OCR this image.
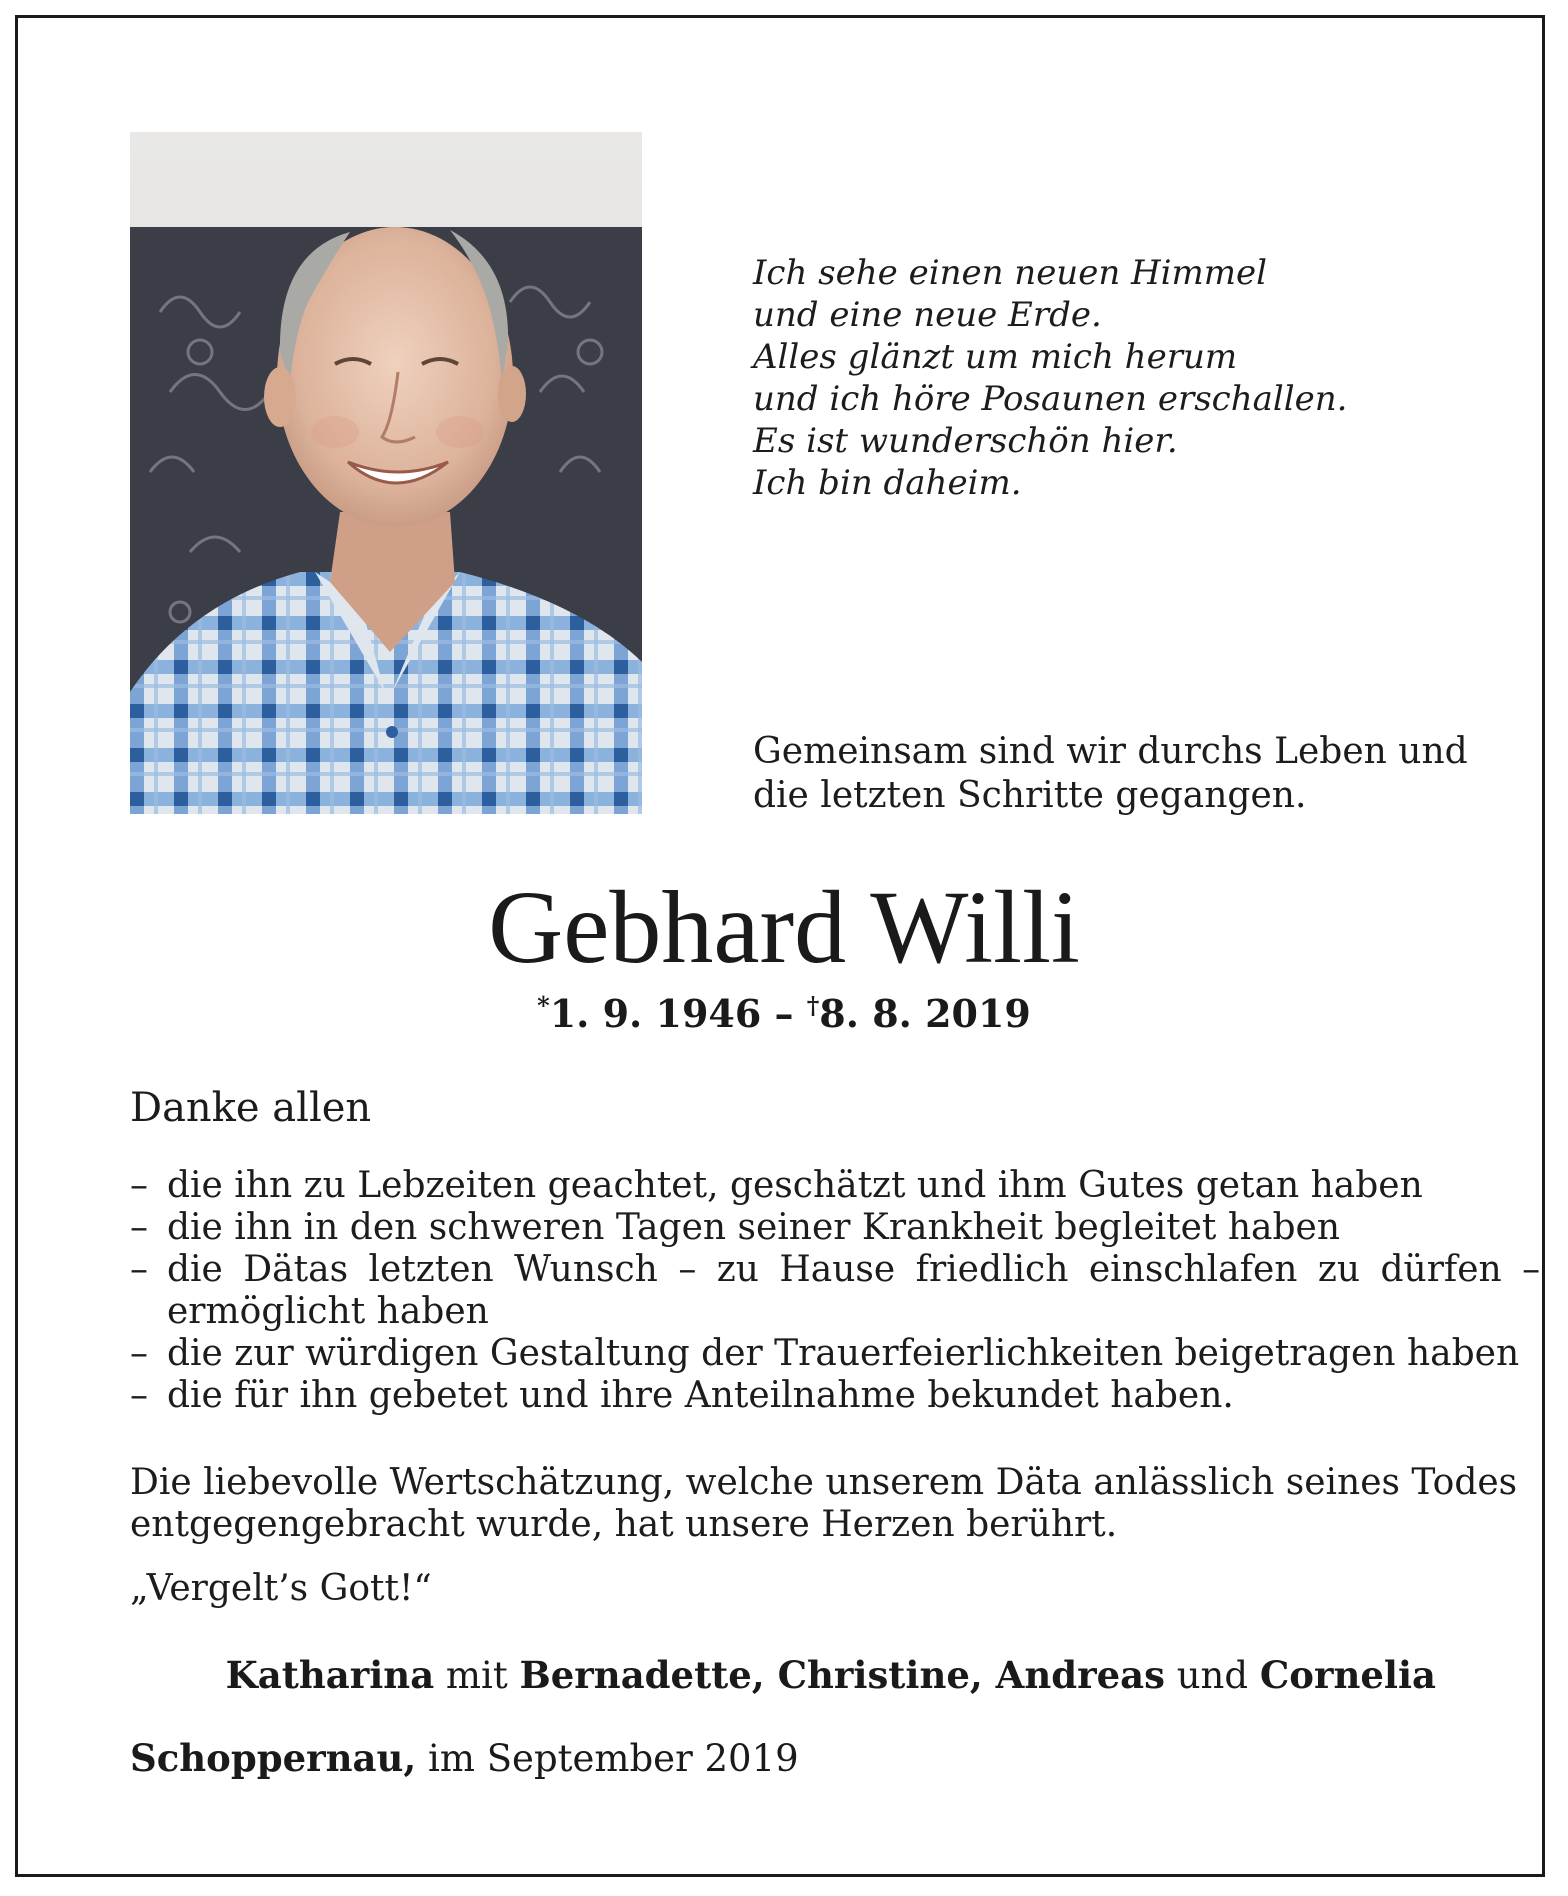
Ich sehe einen neuen Himmel
und eine neue Erde.
Alles glänzt um mich herum
und ich höre Posaunen erschallen.
Es ist wunderschön hier.
Ich bin daheim.
Gemeinsam sind wir durchs Leben und
die letzten Schritte gegangen.
Gebhard Willi
*1. 9. 1946 – †8. 8. 2019
Danke allen
– die ihn zu Lebzeiten geachtet, geschätzt und ihm Gutes getan haben
– die ihn in den schweren Tagen seiner Krankheit begleitet haben
– die Dätas letzten Wunsch – zu Hause friedlich einschlafen zu dürfen –
ermöglicht haben
– die zur würdigen Gestaltung der Trauerfeierlichkeiten beigetragen haben
– die für ihn gebetet und ihre Anteilnahme bekundet haben.
Die liebevolle Wertschätzung, welche unserem Däta anlässlich seines Todes
entgegengebracht wurde, hat unsere Herzen berührt.
„Vergelt’s Gott!“
Katharina mit Bernadette, Christine, Andreas und Cornelia
Schoppernau, im September 2019
